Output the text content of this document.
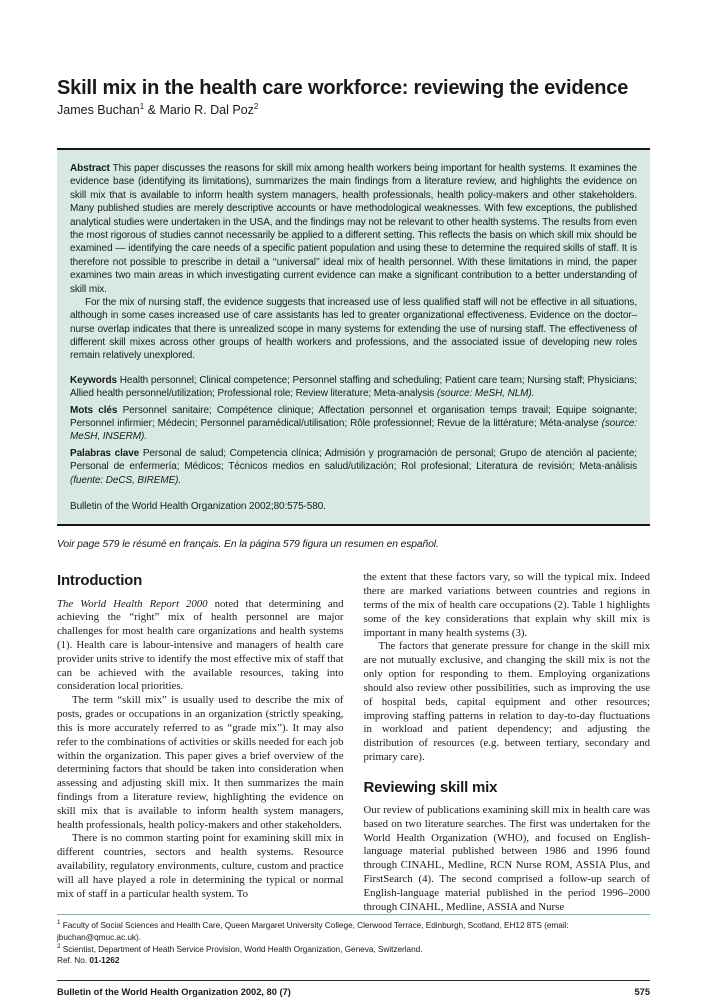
Skill mix in the health care workforce: reviewing the evidence
James Buchan$^1$ & Mario R. Dal Poz$^2$

Abstract This paper discusses the reasons for skill mix among health workers being important for health systems. It examines the evidence base (identifying its limitations), summarizes the main findings from a literature review, and highlights the evidence on skill mix that is available to inform health system managers, health professionals, health policy-makers and other stakeholders. Many published studies are merely descriptive accounts or have methodological weaknesses. With few exceptions, the published analytical studies were undertaken in the USA, and the findings may not be relevant to other health systems. The results from even the most rigorous of studies cannot necessarily be applied to a different setting. This reflects the basis on which skill mix should be examined — identifying the care needs of a specific patient population and using these to determine the required skills of staff. It is therefore not possible to prescribe in detail a ‘‘universal’’ ideal mix of health personnel. With these limitations in mind, the paper examines two main areas in which investigating current evidence can make a significant contribution to a better understanding of skill mix.

For the mix of nursing staff, the evidence suggests that increased use of less qualified staff will not be effective in all situations, although in some cases increased use of care assistants has led to greater organizational effectiveness. Evidence on the doctor–nurse overlap indicates that there is unrealized scope in many systems for extending the use of nursing staff. The effectiveness of different skill mixes across other groups of health workers and professions, and the associated issue of developing new roles remain relatively unexplored.

Keywords Health personnel; Clinical competence; Personnel staffing and scheduling; Patient care team; Nursing staff; Physicians; Allied health personnel/utilization; Professional role; Review literature; Meta-analysis (source: MeSH, NLM).

Mots clés Personnel sanitaire; Compétence clinique; Affectation personnel et organisation temps travail; Equipe soignante; Personnel infirmier; Médecin; Personnel paramédical/utilisation; Rôle professionnel; Revue de la littérature; Méta-analyse (source: MeSH, INSERM).

Palabras clave Personal de salud; Competencia clínica; Admisión y programación de personal; Grupo de atención al paciente; Personal de enfermería; Médicos; Técnicos medios en salud/utilización; Rol profesional; Literatura de revisión; Meta-análisis (fuente: DeCS, BIREME).

Bulletin of the World Health Organization 2002;80:575-580.

Voir page 579 le résumé en français. En la página 579 figura un resumen en español.

Introduction

The World Health Report 2000 noted that determining and achieving the “right” mix of health personnel are major challenges for most health care organizations and health systems (1). Health care is labour-intensive and managers of health care provider units strive to identify the most effective mix of staff that can be achieved with the available resources, taking into consideration local priorities.

The term “skill mix” is usually used to describe the mix of posts, grades or occupations in an organization (strictly speaking, this is more accurately referred to as “grade mix”). It may also refer to the combinations of activities or skills needed for each job within the organization. This paper gives a brief overview of the determining factors that should be taken into consideration when assessing and adjusting skill mix. It then summarizes the main findings from a literature review, highlighting the evidence on skill mix that is available to inform health system managers, health professionals, health policy-makers and other stakeholders.

There is no common starting point for examining skill mix in different countries, sectors and health systems. Resource availability, regulatory environments, culture, custom and practice will all have played a role in determining the typical or normal mix of staff in a particular health system. To

the extent that these factors vary, so will the typical mix. Indeed there are marked variations between countries and regions in terms of the mix of health care occupations (2). Table 1 highlights some of the key considerations that explain why skill mix is important in many health systems (3).

The factors that generate pressure for change in the skill mix are not mutually exclusive, and changing the skill mix is not the only option for responding to them. Employing organizations should also review other possibilities, such as improving the use of hospital beds, capital equipment and other resources; improving staffing patterns in relation to day-to-day fluctuations in workload and patient dependency; and adjusting the distribution of resources (e.g. between tertiary, secondary and primary care).

Reviewing skill mix

Our review of publications examining skill mix in health care was based on two literature searches. The first was undertaken for the World Health Organization (WHO), and focused on English-language material published between 1986 and 1996 found through CINAHL, Medline, RCN Nurse ROM, ASSIA Plus, and FirstSearch (4). The second comprised a follow-up search of English-language material published in the period 1996–2000 through CINAHL, Medline, ASSIA and Nurse

$^1$ Faculty of Social Sciences and Health Care, Queen Margaret University College, Clerwood Terrace, Edinburgh, Scotland, EH12 8TS (email: jbuchan@qmuc.ac.uk).

$^2$ Scientist, Department of Heath Service Provision, World Health Organization, Geneva, Switzerland.

Ref. No. 01-1262

Bulletin of the World Health Organization 2002, 80 (7)	575
